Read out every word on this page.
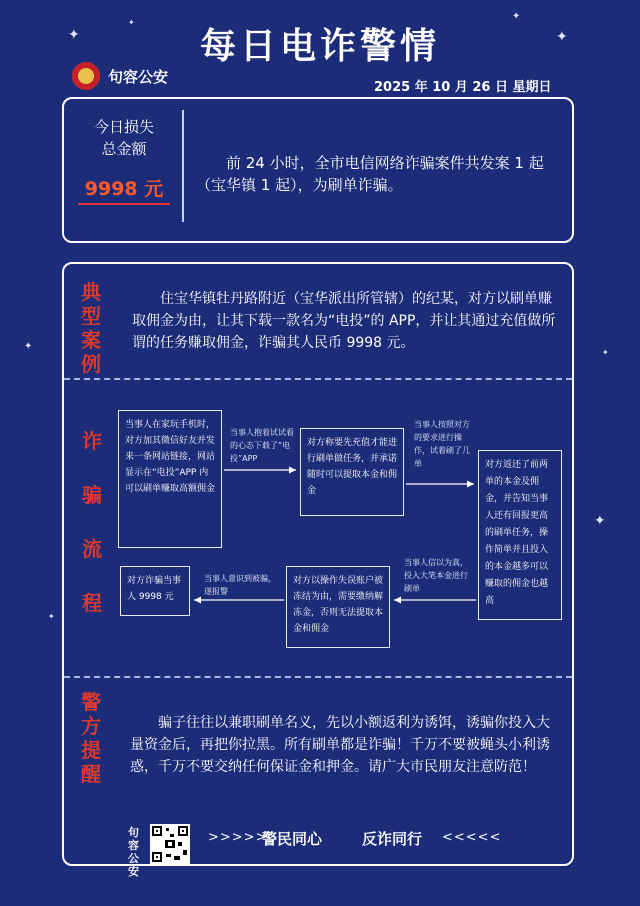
✦
✦
✦
✦
✦
✦
✦
✦
每日电诈警情
句容公安
2025 年 10 月 26 日 星期日
今日损失
总金额
9998 元
前 24 小时，全市电信网络诈骗案件共发案 1 起（宝华镇 1 起），为刷单诈骗。
典型案例
住宝华镇牡丹路附近（宝华派出所管辖）的纪某，对方以刷单赚取佣金为由，让其下载一款名为“电投”的 APP，并让其通过充值做所谓的任务赚取佣金，诈骗其人民币 9998 元。
诈骗流程
当事人在家玩手机时，对方加其微信好友并发来一条网站链接，网站显示在“电投”APP 内可以刷单赚取高额佣金
当事人抱着试试看的心态下载了“电投”APP
对方称要先充值才能进行刷单做任务，并承诺随时可以提取本金和佣金
当事人按照对方的要求进行操作，试着刷了几单	对方返还了前两单的本金及佣金，并告知当事人还有回报更高的刷单任务，操作简单并且投入的本金越多可以赚取的佣金也越高
当事人信以为真，投入大笔本金进行刷单
对方以操作失误账户被冻结为由，需要缴纳解冻金，否则无法提取本金和佣金
当事人意识到被骗，遂报警
对方诈骗当事人 9998 元
警方提醒
骗子往往以兼职刷单名义，先以小额返利为诱饵，诱骗你投入大量资金后，再把你拉黑。所有刷单都是诈骗！千万不要被蝇头小利诱惑，千万不要交纳任何保证金和押金。请广大市民朋友注意防范！
句容公安
>>>>>
警民同心	反诈同行 <<<<<
